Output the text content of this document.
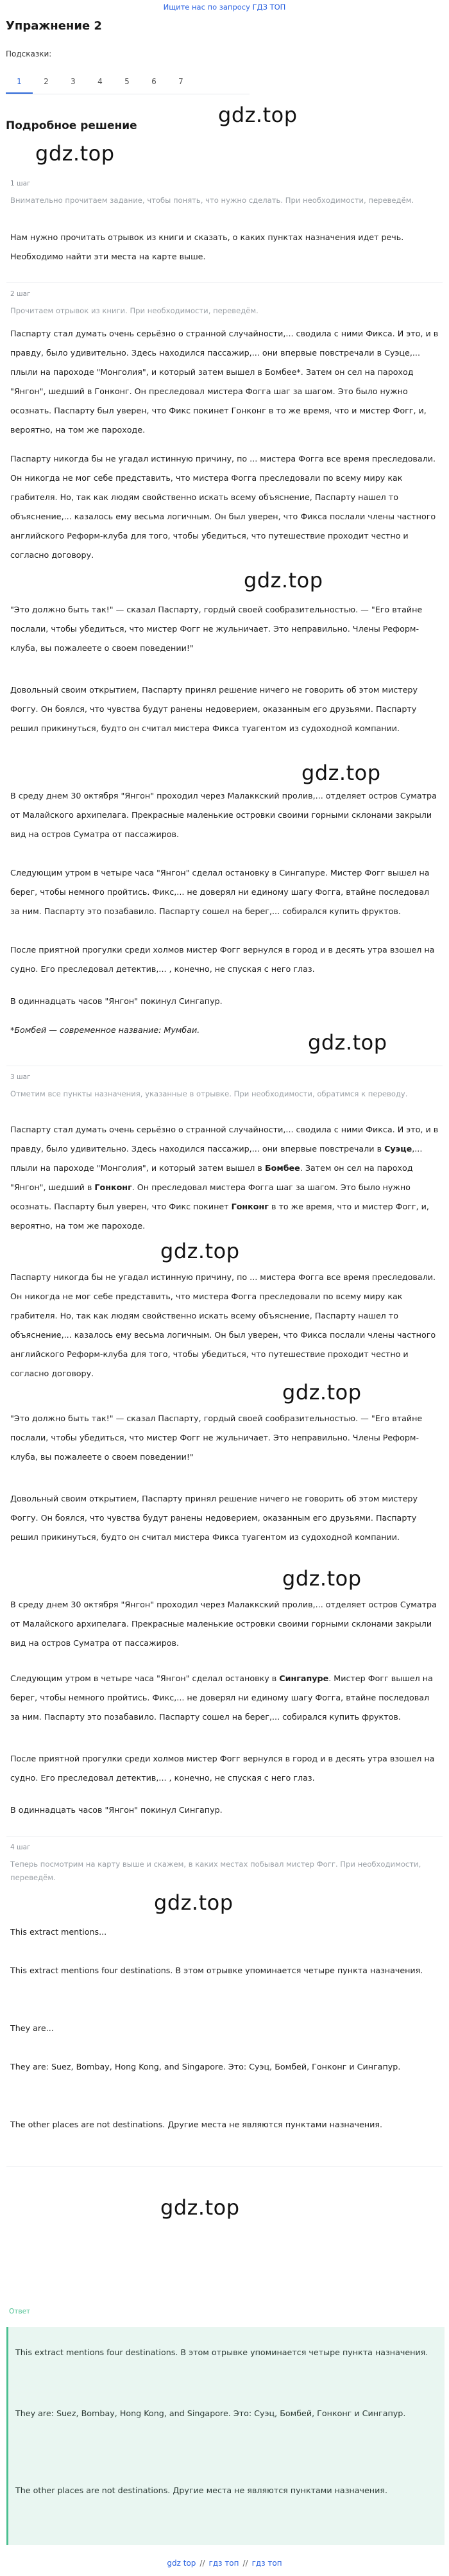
Ищите нас по запросу ГДЗ ТОП
Упражнение 2
Подсказки:
1	2	3	4	5	6	7
gdz.top
Подробное решение
gdz.top
1 шаг
Внимательно прочитаем задание, чтобы понять, что нужно сделать. При необходимости, переведём.
Нам нужно прочитать отрывок из книги и сказать, о каких пунктах назначения идет речь. Необходимо найти эти места на карте выше.
2 шаг
Прочитаем отрывок из книги. При необходимости, переведём.
Паспарту стал думать очень серьёзно о странной случайности,... сводила с ними Фикса. И это, и в правду, было удивительно. Здесь находился пассажир,... они впервые повстречали в Суэце,... плыли на пароходе "Монголия", и который затем вышел в Бомбее*. Затем он сел на пароход "Янгон", шедший в Гонконг. Он преследовал мистера Фогга шаг за шагом. Это было нужно осознать. Паспарту был уверен, что Фикс покинет Гонконг в то же время, что и мистер Фогг, и, вероятно, на том же пароходе.
Паспарту никогда бы не угадал истинную причину, по ... мистера Фогга все время преследовали. Он никогда не мог себе представить, что мистера Фогга преследовали по всему миру как грабителя. Но, так как людям свойственно искать всему объяснение, Паспарту нашел то объяснение,... казалось ему весьма логичным. Он был уверен, что Фикса послали члены частного английского Реформ-клуба для того, чтобы убедиться, что путешествие проходит честно и согласно договору.
gdz.top
"Это должно быть так!" — сказал Паспарту, гордый своей сообразительностью. — "Его втайне послали, чтобы убедиться, что мистер Фогг не жульничает. Это неправильно. Члены Реформ-клуба, вы пожалеете о своем поведении!"
Довольный своим открытием, Паспарту принял решение ничего не говорить об этом мистеру Фоггу. Он боялся, что чувства будут ранены недоверием, оказанным его друзьями. Паспарту решил прикинуться, будто он считал мистера Фикса туагентом из судоходной компании.
gdz.top
В среду днем 30 октября "Янгон" проходил через Малаккский пролив,... отделяет остров Суматра от Малайского архипелага. Прекрасные маленькие островки своими горными склонами закрыли вид на остров Суматра от пассажиров.
Следующим утром в четыре часа "Янгон" сделал остановку в Сингапуре. Мистер Фогг вышел на берег, чтобы немного пройтись. Фикс,... не доверял ни единому шагу Фогга, втайне последовал за ним. Паспарту это позабавило. Паспарту сошел на берег,... собирался купить фруктов.
После приятной прогулки среди холмов мистер Фогг вернулся в город и в десять утра взошел на судно. Его преследовал детектив,... , конечно, не спуская с него глаз.
В одиннадцать часов "Янгон" покинул Сингапур.
*Бомбей — современное название: Мумбаи.
gdz.top
3 шаг
Отметим все пункты назначения, указанные в отрывке. При необходимости, обратимся к переводу.
Паспарту стал думать очень серьёзно о странной случайности,... сводила с ними Фикса. И это, и в правду, было удивительно. Здесь находился пассажир,... они впервые повстречали в Суэце,... плыли на пароходе "Монголия", и который затем вышел в Бомбее. Затем он сел на пароход "Янгон", шедший в Гонконг. Он преследовал мистера Фогга шаг за шагом. Это было нужно осознать. Паспарту был уверен, что Фикс покинет Гонконг в то же время, что и мистер Фогг, и, вероятно, на том же пароходе.
gdz.top
Паспарту никогда бы не угадал истинную причину, по ... мистера Фогга все время преследовали. Он никогда не мог себе представить, что мистера Фогга преследовали по всему миру как грабителя. Но, так как людям свойственно искать всему объяснение, Паспарту нашел то объяснение,... казалось ему весьма логичным. Он был уверен, что Фикса послали члены частного английского Реформ-клуба для того, чтобы убедиться, что путешествие проходит честно и согласно договору.
gdz.top
"Это должно быть так!" — сказал Паспарту, гордый своей сообразительностью. — "Его втайне послали, чтобы убедиться, что мистер Фогг не жульничает. Это неправильно. Члены Реформ-клуба, вы пожалеете о своем поведении!"
Довольный своим открытием, Паспарту принял решение ничего не говорить об этом мистеру Фоггу. Он боялся, что чувства будут ранены недоверием, оказанным его друзьями. Паспарту решил прикинуться, будто он считал мистера Фикса туагентом из судоходной компании.
gdz.top
В среду днем 30 октября "Янгон" проходил через Малаккский пролив,... отделяет остров Суматра от Малайского архипелага. Прекрасные маленькие островки своими горными склонами закрыли вид на остров Суматра от пассажиров.
Следующим утром в четыре часа "Янгон" сделал остановку в Сингапуре. Мистер Фогг вышел на берег, чтобы немного пройтись. Фикс,... не доверял ни единому шагу Фогга, втайне последовал за ним. Паспарту это позабавило. Паспарту сошел на берег,... собирался купить фруктов.
После приятной прогулки среди холмов мистер Фогг вернулся в город и в десять утра взошел на судно. Его преследовал детектив,... , конечно, не спуская с него глаз.
В одиннадцать часов "Янгон" покинул Сингапур.
4 шаг
Теперь посмотрим на карту выше и скажем, в каких местах побывал мистер Фогг. При необходимости, переведём.
gdz.top
This extract mentions...
This extract mentions four destinations. В этом отрывке упоминается четыре пункта назначения.
They are...
They are: Suez, Bombay, Hong Kong, and Singapore. Это: Суэц, Бомбей, Гонконг и Сингапур.
The other places are not destinations. Другие места не являются пунктами назначения.
gdz.top
Ответ
This extract mentions four destinations. В этом отрывке упоминается четыре пункта назначения.
They are: Suez, Bombay, Hong Kong, and Singapore. Это: Суэц, Бомбей, Гонконг и Сингапур.
The other places are not destinations. Другие места не являются пунктами назначения.
gdz top // гдз топ // гдз топ
